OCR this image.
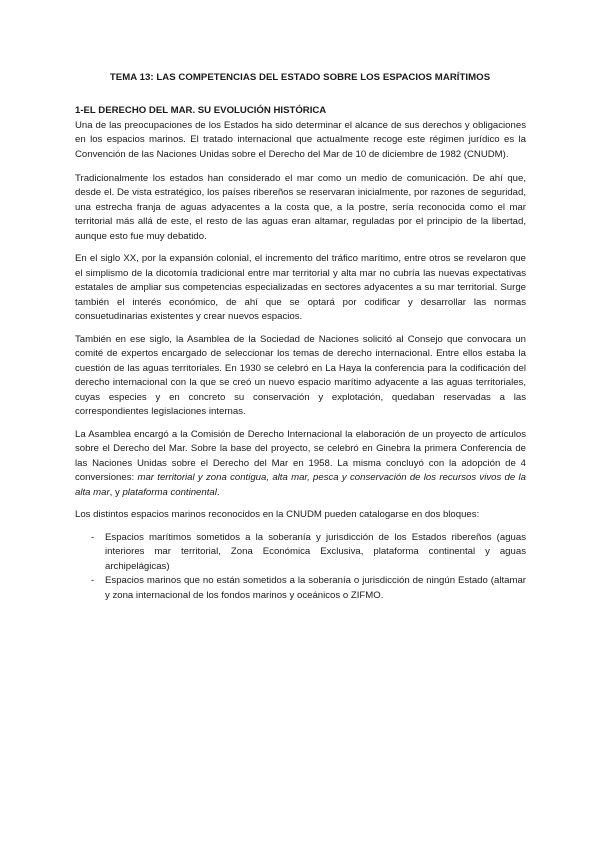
TEMA 13: LAS COMPETENCIAS DEL ESTADO SOBRE LOS ESPACIOS MARÍTIMOS
1-EL DERECHO DEL MAR. SU EVOLUCIÓN HISTÓRICA

Una de las preocupaciones de los Estados ha sido determinar el alcance de sus derechos y obligaciones en los espacios marinos. El tratado internacional que actualmente recoge este régimen jurídico es la Convención de las Naciones Unidas sobre el Derecho del Mar de 10 de diciembre de 1982 (CNUDM).

Tradicionalmente los estados han considerado el mar como un medio de comunicación. De ahí que, desde el. De vista estratégico, los países ribereños se reservaran inicialmente, por razones de seguridad, una estrecha franja de aguas adyacentes a la costa que, a la postre, sería reconocida como el mar territorial más allá de este, el resto de las aguas eran altamar, reguladas por el principio de la libertad, aunque esto fue muy debatido.

En el siglo XX, por la expansión colonial, el incremento del tráfico marítimo, entre otros se revelaron que el simplismo de la dicotomía tradicional entre mar territorial y alta mar no cubría las nuevas expectativas estatales de ampliar sus competencias especializadas en sectores adyacentes a su mar territorial. Surge también el interés económico, de ahí que se optará por codificar y desarrollar las normas consuetudinarias existentes y crear nuevos espacios.

También en ese siglo, la Asamblea de la Sociedad de Naciones solicitó al Consejo que convocara un comité de expertos encargado de seleccionar los temas de derecho internacional. Entre ellos estaba la cuestión de las aguas territoriales. En 1930 se celebró en La Haya la conferencia para la codificación del derecho internacional con la que se creó un nuevo espacio marítimo adyacente a las aguas territoriales, cuyas especies y en concreto su conservación y explotación, quedaban reservadas a las correspondientes legislaciones internas.

La Asamblea encargó a la Comisión de Derecho Internacional la elaboración de un proyecto de artículos sobre el Derecho del Mar. Sobre la base del proyecto, se celebró en Ginebra la primera Conferencia de las Naciones Unidas sobre el Derecho del Mar en 1958. La misma concluyó con la adopción de 4 conversiones: mar territorial y zona contigua, alta mar, pesca y conservación de los recursos vivos de la alta mar, y plataforma continental.

Los distintos espacios marinos reconocidos en la CNUDM pueden catalogarse en dos bloques:

- Espacios marítimos sometidos a la soberanía y jurisdicción de los Estados ribereños (aguas interiores mar territorial, Zona Económica Exclusiva, plataforma continental y aguas archipelágicas)
- Espacios marinos que no están sometidos a la soberanía o jurisdicción de ningún Estado (altamar y zona internacional de los fondos marinos y oceánicos o ZIFMO.
